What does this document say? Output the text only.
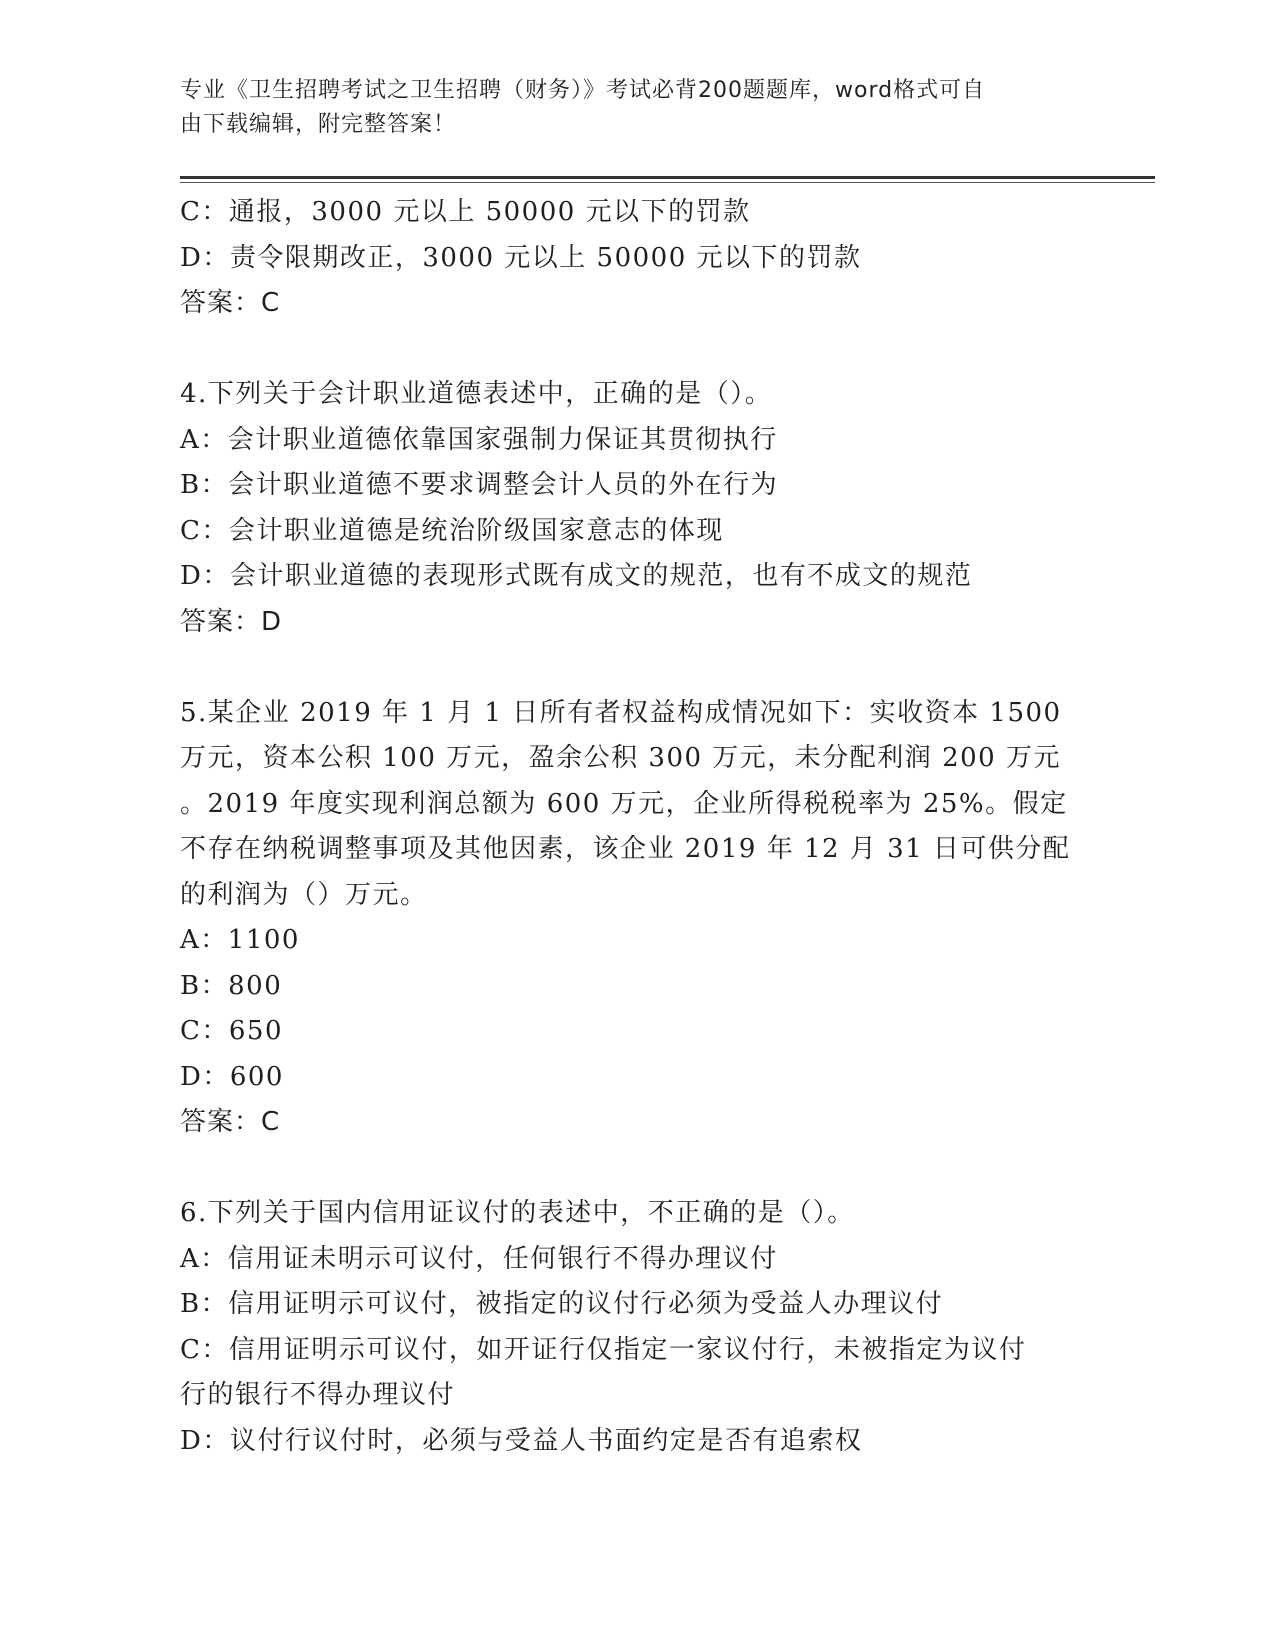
专业《卫生招聘考试之卫生招聘（财务）》考试必背200题题库，word格式可自
由下载编辑，附完整答案！
C：通报，3000 元以上 50000 元以下的罚款
D：责令限期改正，3000 元以上 50000 元以下的罚款
答案：C
4.下列关于会计职业道德表述中，正确的是（）。
A：会计职业道德依靠国家强制力保证其贯彻执行
B：会计职业道德不要求调整会计人员的外在行为
C：会计职业道德是统治阶级国家意志的体现
D：会计职业道德的表现形式既有成文的规范，也有不成文的规范
答案：D
5.某企业 2019 年 1 月 1 日所有者权益构成情况如下：实收资本 1500
万元，资本公积 100 万元，盈余公积 300 万元，未分配利润 200 万元
。2019 年度实现利润总额为 600 万元，企业所得税税率为 25%。假定
不存在纳税调整事项及其他因素，该企业 2019 年 12 月 31 日可供分配
的利润为（）万元。
A：1100
B：800
C：650
D：600
答案：C
6.下列关于国内信用证议付的表述中，不正确的是（）。
A：信用证未明示可议付，任何银行不得办理议付
B：信用证明示可议付，被指定的议付行必须为受益人办理议付
C：信用证明示可议付，如开证行仅指定一家议付行，未被指定为议付
行的银行不得办理议付
D：议付行议付时，必须与受益人书面约定是否有追索权
